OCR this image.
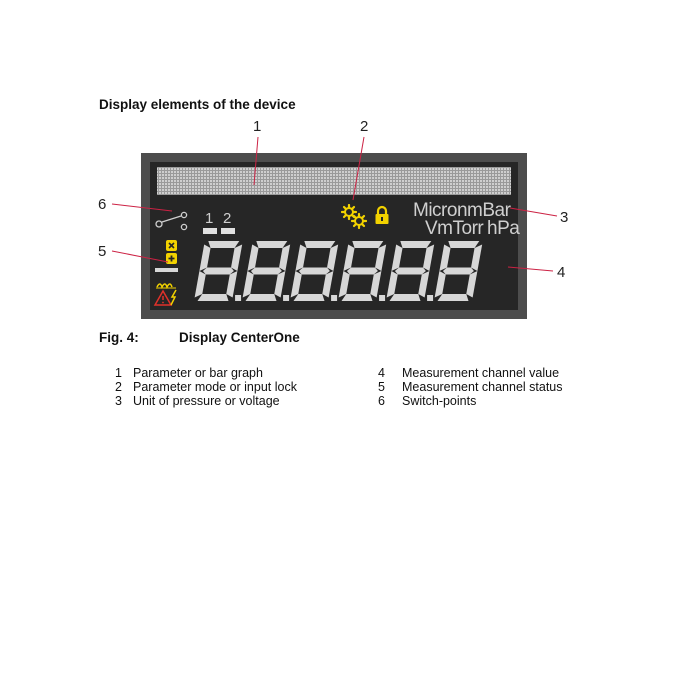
Display elements of the device
1	2
3
4
5
6
1 2	MicronmBar
VmTorr hPa
Fig. 4:	Display CenterOne
1 Parameter or bar graph
2 Parameter mode or input lock
3 Unit of pressure or voltage
4 Measurement channel value
5 Measurement channel status
6 Switch-points
